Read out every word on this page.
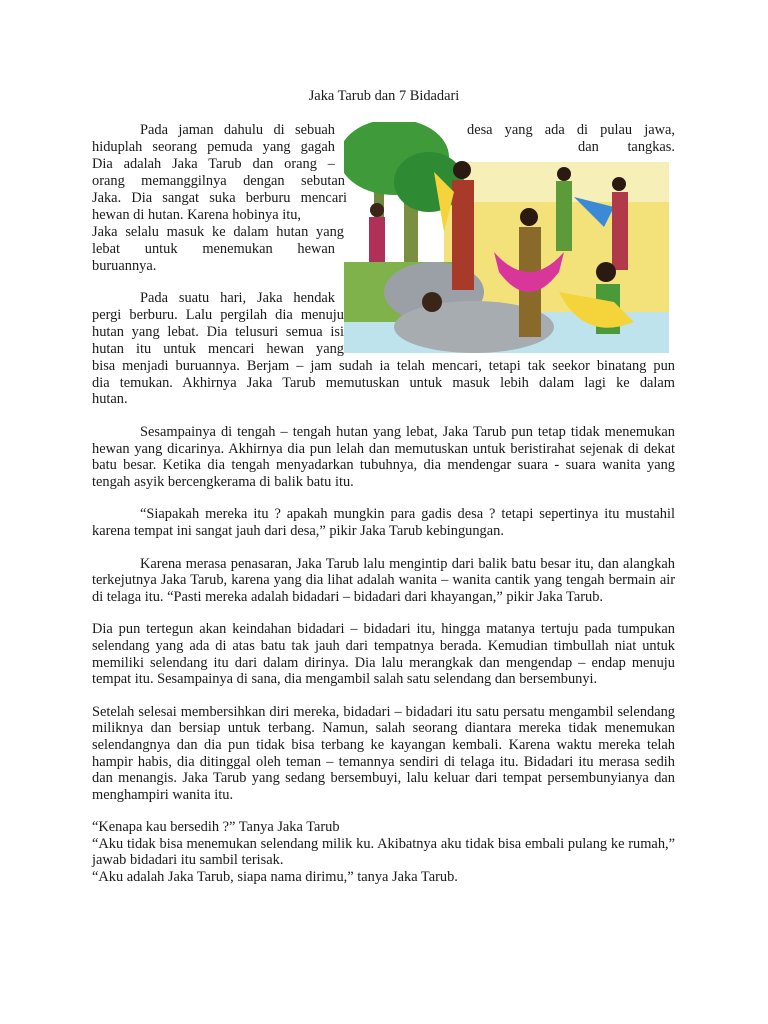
Jaka Tarub dan 7 Bidadari
Pada jaman dahulu di sebuah	desa yang ada di pulau jawa,
hiduplah seorang pemuda yang gagah	dan tangkas.
Dia adalah Jaka Tarub dan orang –
orang memanggilnya dengan sebutan
Jaka. Dia sangat suka berburu mencari
hewan di hutan. Karena hobinya itu,
Jaka selalu masuk ke dalam hutan yang
lebat untuk menemukan hewan
buruannya.
Pada suatu hari, Jaka hendak
pergi berburu. Lalu pergilah dia menuju
hutan yang lebat. Dia telusuri semua isi
hutan itu untuk mencari hewan yang
bisa menjadi buruannya. Berjam – jam sudah ia telah mencari, tetapi tak seekor binatang pun
dia temukan. Akhirnya Jaka Tarub memutuskan untuk masuk lebih dalam lagi ke dalam
hutan.

Sesampainya di tengah – tengah hutan yang lebat, Jaka Tarub pun tetap tidak menemukan hewan yang dicarinya. Akhirnya dia pun lelah dan memutuskan untuk beristirahat sejenak di dekat batu besar. Ketika dia tengah menyadarkan tubuhnya, dia mendengar suara - suara wanita yang tengah asyik bercengkerama di balik batu itu.

“Siapakah mereka itu ? apakah mungkin para gadis desa ? tetapi sepertinya itu mustahil karena tempat ini sangat jauh dari desa,” pikir Jaka Tarub kebingungan.

Karena merasa penasaran, Jaka Tarub lalu mengintip dari balik batu besar itu, dan alangkah terkejutnya Jaka Tarub, karena yang dia lihat adalah wanita – wanita cantik yang tengah bermain air di telaga itu. “Pasti mereka adalah bidadari – bidadari dari khayangan,” pikir Jaka Tarub.

Dia pun tertegun akan keindahan bidadari – bidadari itu, hingga matanya tertuju pada tumpukan selendang yang ada di atas batu tak jauh dari tempatnya berada. Kemudian timbullah niat untuk memiliki selendang itu dari dalam dirinya. Dia lalu merangkak dan mengendap – endap menuju tempat itu. Sesampainya di sana, dia mengambil salah satu selendang dan bersembunyi.

Setelah selesai membersihkan diri mereka, bidadari – bidadari itu satu persatu mengambil selendang miliknya dan bersiap untuk terbang. Namun, salah seorang diantara mereka tidak menemukan selendangnya dan dia pun tidak bisa terbang ke kayangan kembali. Karena waktu mereka telah hampir habis, dia ditinggal oleh teman – temannya sendiri di telaga itu. Bidadari itu merasa sedih dan menangis. Jaka Tarub yang sedang bersembuyi, lalu keluar dari tempat persembunyianya dan menghampiri wanita itu.

“Kenapa kau bersedih ?” Tanya Jaka Tarub

“Aku tidak bisa menemukan selendang milik ku. Akibatnya aku tidak bisa embali pulang ke rumah,” jawab bidadari itu sambil terisak.

“Aku adalah Jaka Tarub, siapa nama dirimu,” tanya Jaka Tarub.
